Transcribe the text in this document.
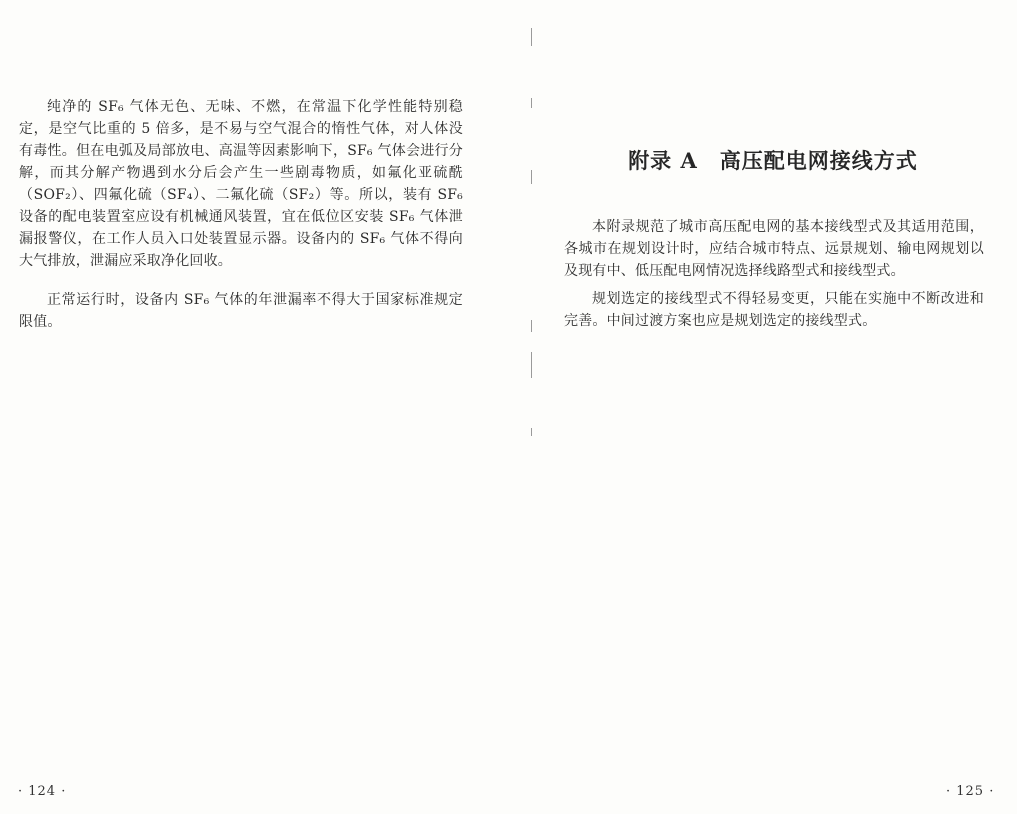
纯净的 SF₆ 气体无色、无味、不燃，在常温下化学性能特别稳定，是空气比重的 5 倍多，是不易与空气混合的惰性气体，对人体没有毒性。但在电弧及局部放电、高温等因素影响下，SF₆ 气体会进行分解，而其分解产物遇到水分后会产生一些剧毒物质，如氟化亚硫酰（SOF₂）、四氟化硫（SF₄）、二氟化硫（SF₂）等。所以，装有 SF₆ 设备的配电装置室应设有机械通风装置，宜在低位区安装 SF₆ 气体泄漏报警仪，在工作人员入口处装置显示器。设备内的 SF₆ 气体不得向大气排放，泄漏应采取净化回收。

正常运行时，设备内 SF₆ 气体的年泄漏率不得大于国家标准规定限值。

· 124 ·
附录 A　高压配电网接线方式

本附录规范了城市高压配电网的基本接线型式及其适用范围，各城市在规划设计时，应结合城市特点、远景规划、输电网规划以及现有中、低压配电网情况选择线路型式和接线型式。

规划选定的接线型式不得轻易变更，只能在实施中不断改进和完善。中间过渡方案也应是规划选定的接线型式。

· 125 ·
